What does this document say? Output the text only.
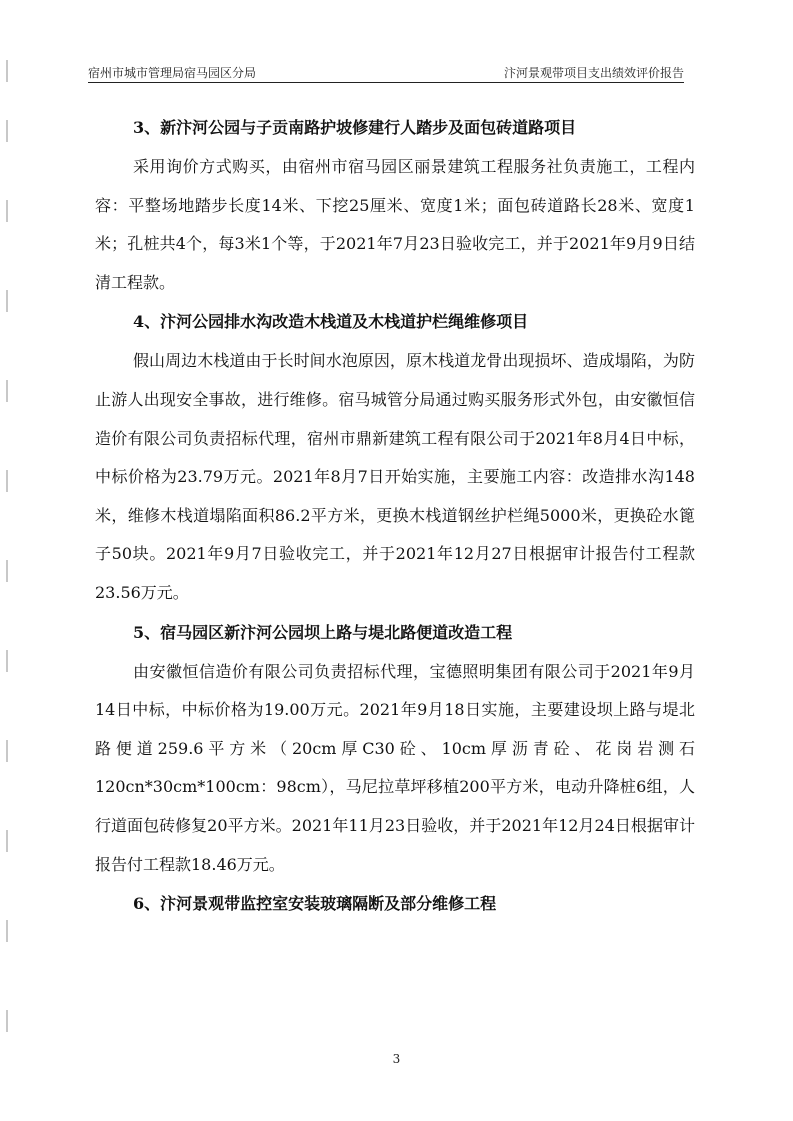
宿州市城市管理局宿马园区分局	汴河景观带项目支出绩效评价报告
3、新汴河公园与子贡南路护坡修建行人踏步及面包砖道路项目

采用询价方式购买，由宿州市宿马园区丽景建筑工程服务社负责施工，工程内容：平整场地踏步长度14米、下挖25厘米、宽度1米；面包砖道路长28米、宽度1米；孔桩共4个，每3米1个等，于2021年7月23日验收完工，并于2021年9月9日结清工程款。

4、汴河公园排水沟改造木栈道及木栈道护栏绳维修项目

假山周边木栈道由于长时间水泡原因，原木栈道龙骨出现损坏、造成塌陷，为防止游人出现安全事故，进行维修。宿马城管分局通过购买服务形式外包，由安徽恒信造价有限公司负责招标代理，宿州市鼎新建筑工程有限公司于2021年8月4日中标，中标价格为23.79万元。2021年8月7日开始实施，主要施工内容：改造排水沟148米，维修木栈道塌陷面积86.2平方米，更换木栈道钢丝护栏绳5000米，更换砼水篦子50块。2021年9月7日验收完工，并于2021年12月27日根据审计报告付工程款23.56万元。

5、宿马园区新汴河公园坝上路与堤北路便道改造工程

由安徽恒信造价有限公司负责招标代理，宝德照明集团有限公司于2021年9月14日中标，中标价格为19.00万元。2021年9月18日实施，主要建设坝上路与堤北路便道259.6平方米（20cm厚C30砼、10cm厚沥青砼、花岗岩测石120cn*30cm*100cm：98cm），马尼拉草坪移植200平方米，电动升降桩6组，人行道面包砖修复20平方米。2021年11月23日验收，并于2021年12月24日根据审计报告付工程款18.46万元。

6、汴河景观带监控室安装玻璃隔断及部分维修工程
3
